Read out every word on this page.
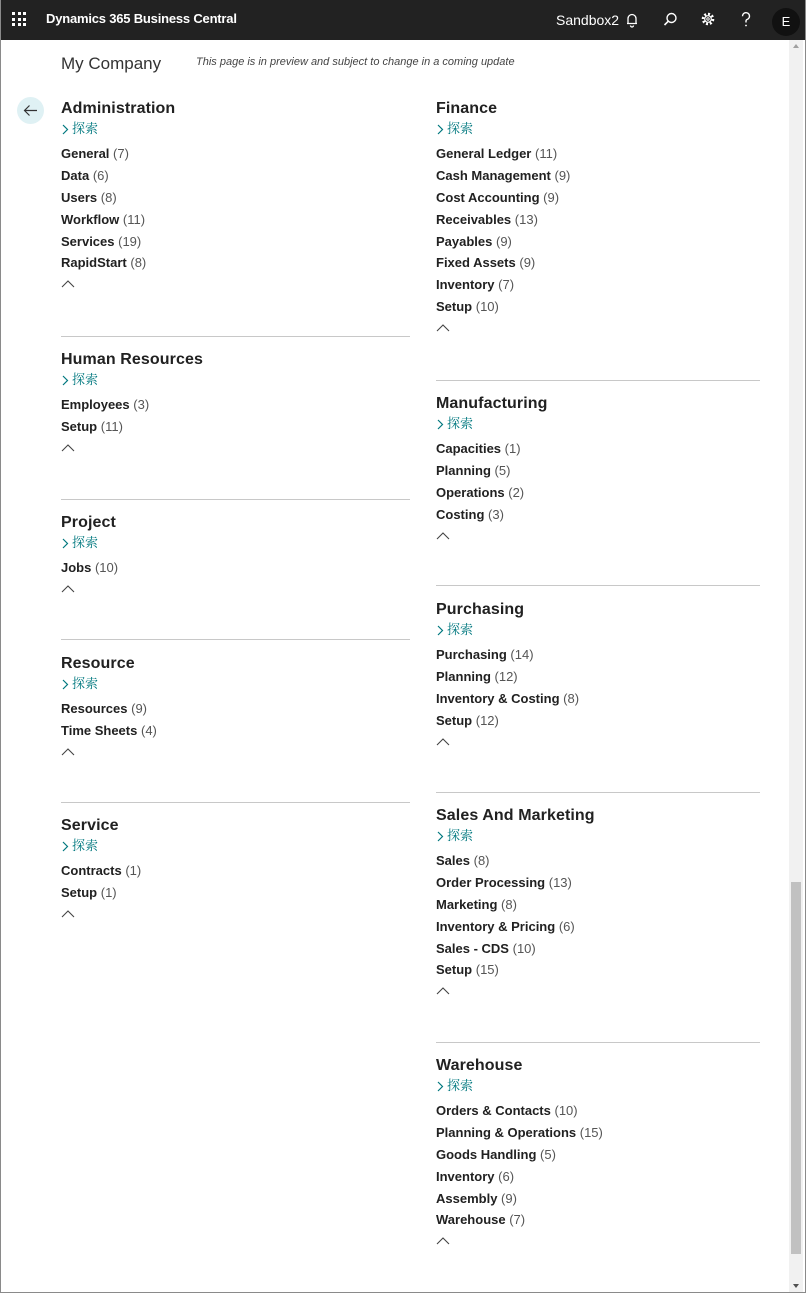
Dynamics 365 Business Central	Sandbox2	E
My Company	This page is in preview and subject to change in a coming update
Administration
探索
General (7)
Data (6)
Users (8)
Workflow (11)
Services (19)
RapidStart (8)
Human Resources
探索
Employees (3)
Setup (11)
Project
探索
Jobs (10)
Resource
探索
Resources (9)
Time Sheets (4)
Service
探索
Contracts (1)
Setup (1)
Finance
探索
General Ledger (11)
Cash Management (9)
Cost Accounting (9)
Receivables (13)
Payables (9)
Fixed Assets (9)
Inventory (7)
Setup (10)
Manufacturing
探索
Capacities (1)
Planning (5)
Operations (2)
Costing (3)
Purchasing
探索
Purchasing (14)
Planning (12)
Inventory & Costing (8)
Setup (12)
Sales And Marketing
探索
Sales (8)
Order Processing (13)
Marketing (8)
Inventory & Pricing (6)
Sales - CDS (10)
Setup (15)
Warehouse
探索
Orders & Contacts (10)
Planning & Operations (15)
Goods Handling (5)
Inventory (6)
Assembly (9)
Warehouse (7)
